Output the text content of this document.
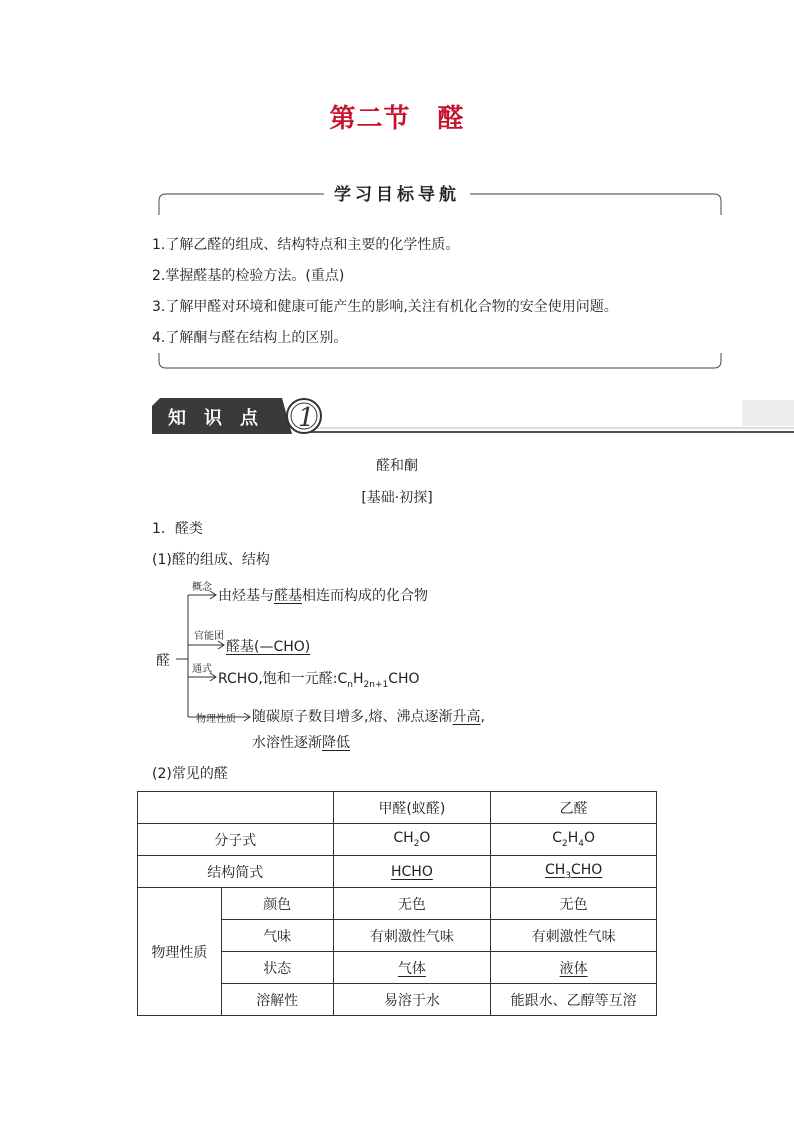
第二节　醛
学习目标导航
1.了解乙醛的组成、结构特点和主要的化学性质。
2.掌握醛基的检验方法。(重点)
3.了解甲醛对环境和健康可能产生的影响,关注有机化合物的安全使用问题。
4.了解酮与醛在结构上的区别。
1
知识点
醛和酮
[基础·初探]
1．醛类
(1)醛的组成、结构
醛
概念
由烃基与醛基相连而构成的化合物
官能团
醛基(—CHO)
通式
RCHO,饱和一元醛$:C_nH_{2n+1}CHO$
物理性质 随碳原子数目增多,熔、沸点逐渐升高,
水溶性逐渐降低
(2)常见的醛
		甲醛(蚁醛)	乙醛
分子式		$CH_2O$	$C_2H_4O$
结构简式		HCHO	$CH_3CHO$
物理性质	颜色	无色	无色
	气味	有刺激性气味	有刺激性气味
	状态	气体	液体
	溶解性	易溶于水	能跟水、乙醇等互溶
